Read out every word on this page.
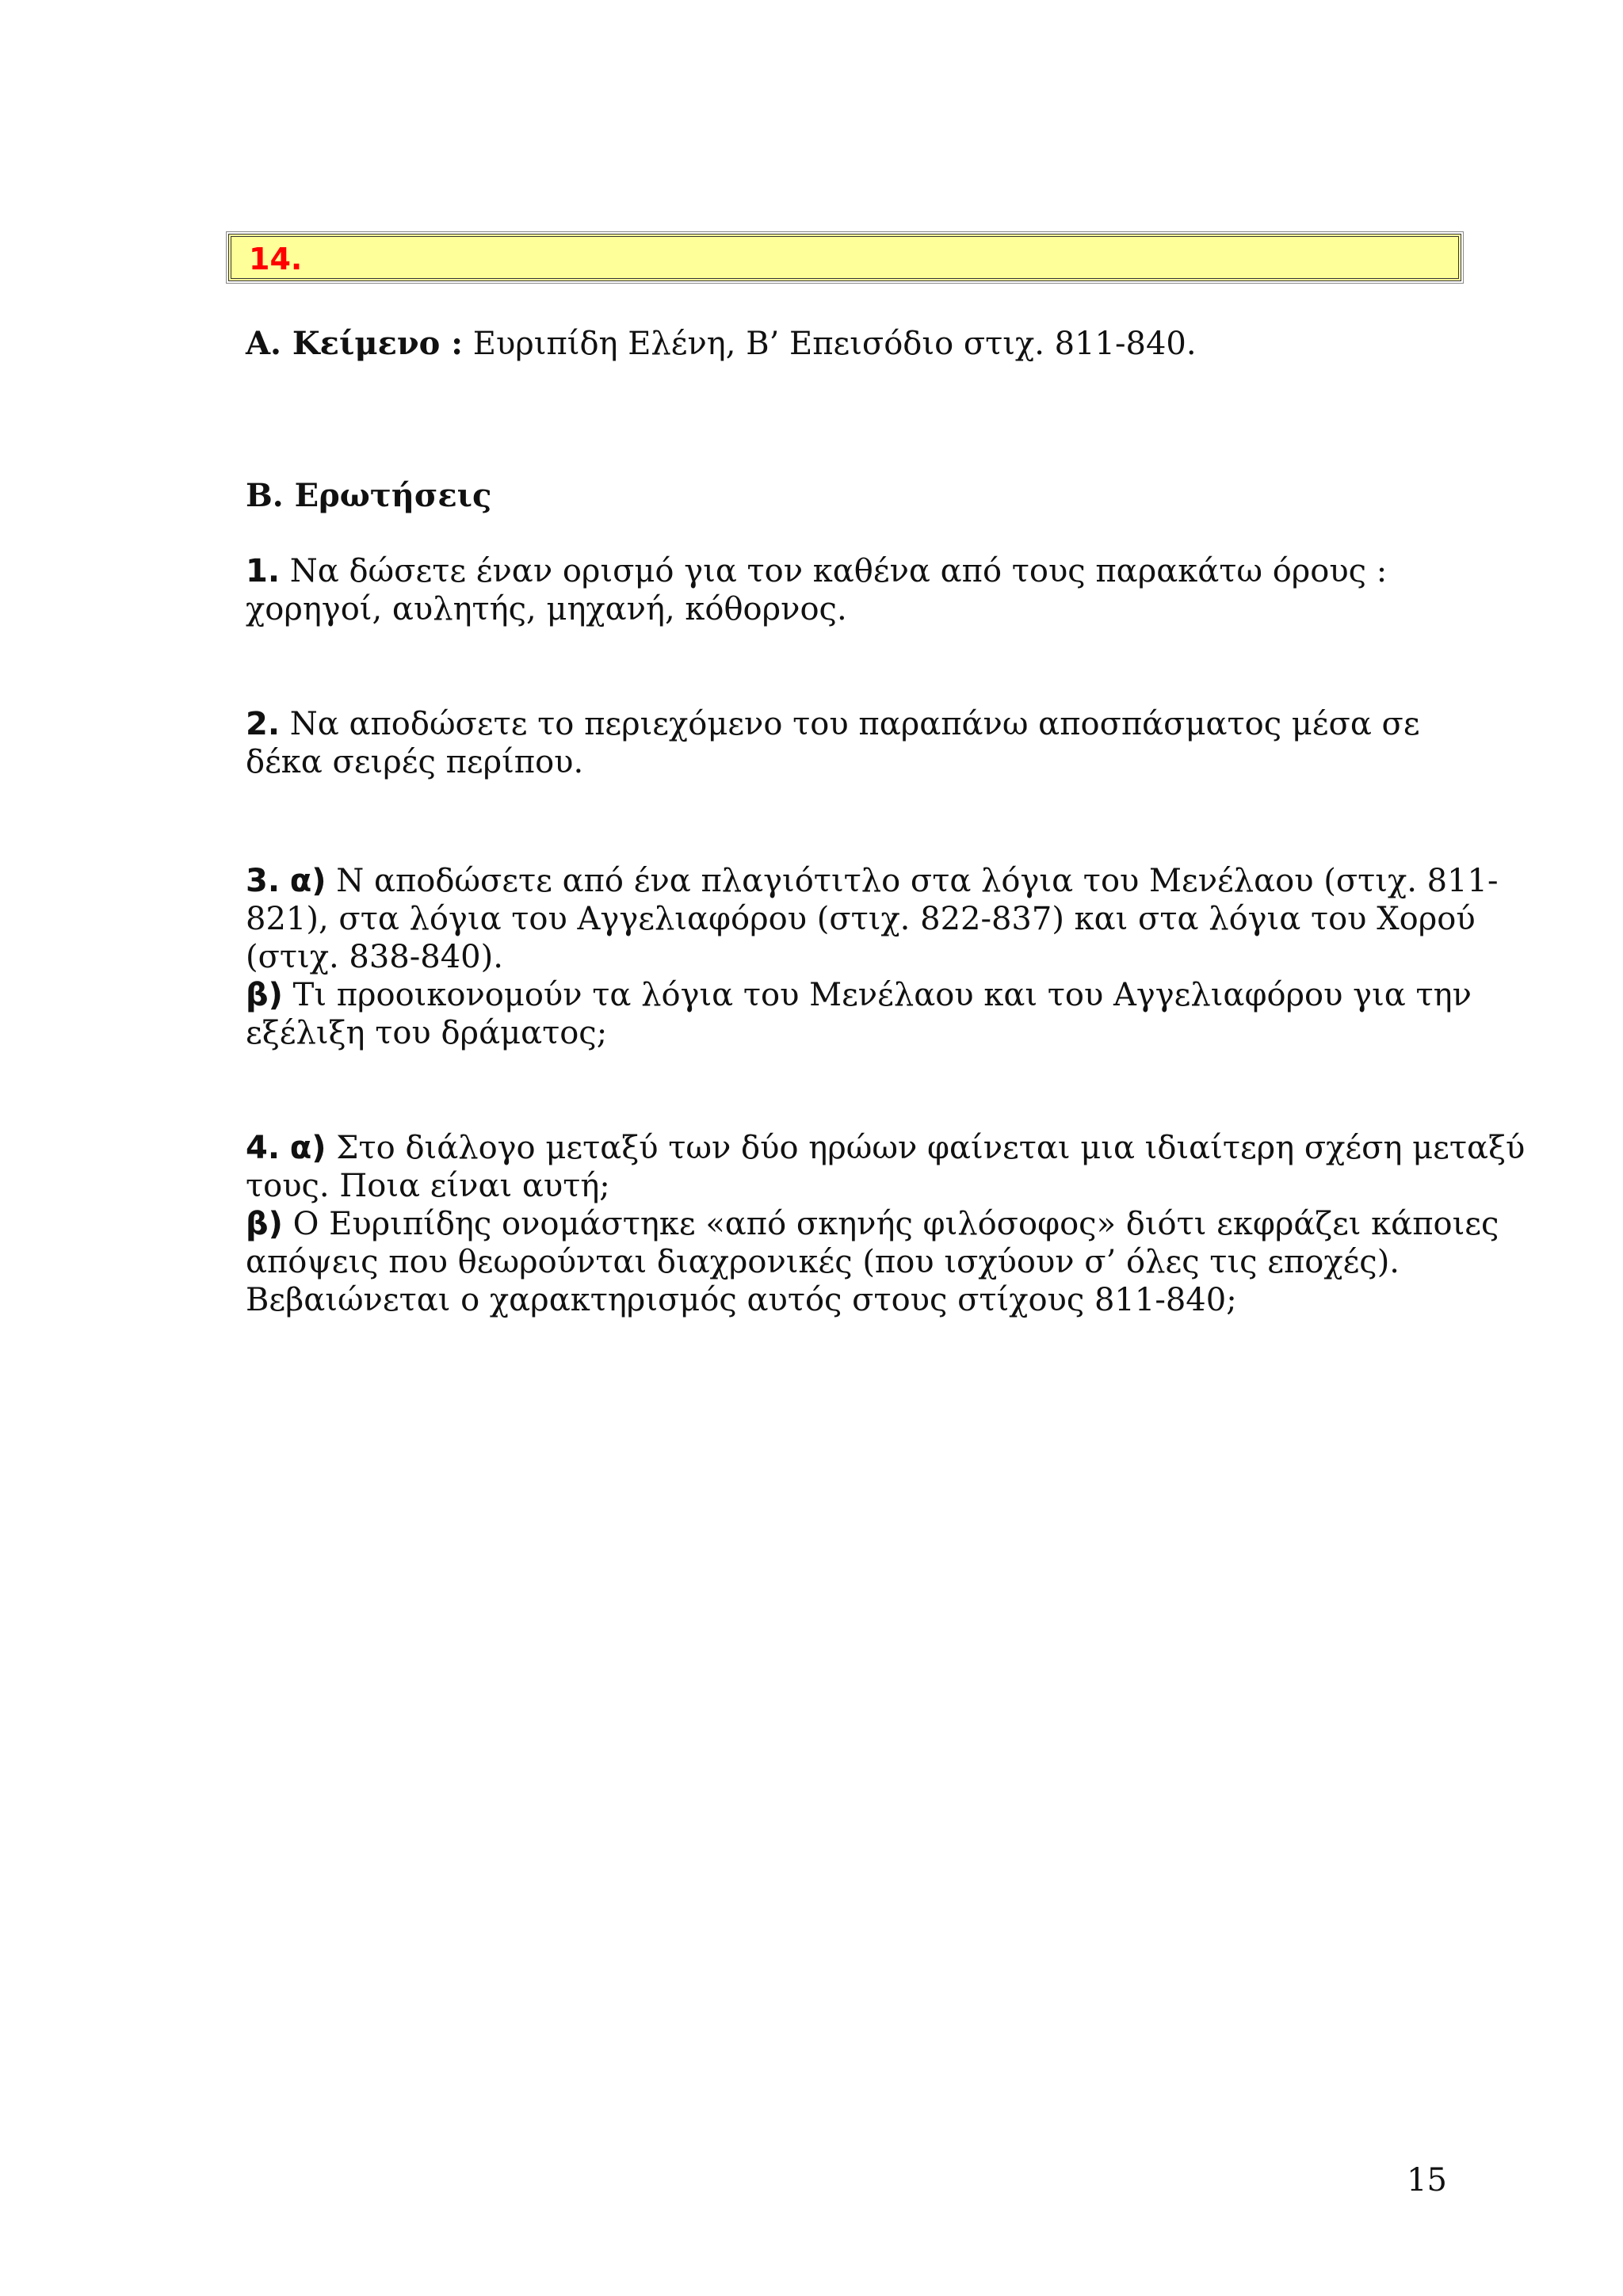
14.
Α. Κείμενο : Ευριπίδη Ελένη, Β’ Επεισόδιο στιχ. 811-840.
Β. Ερωτήσεις
1. Να δώσετε έναν ορισμό για τον καθένα από τους παρακάτω όρους :
χορηγοί, αυλητής, μηχανή, κόθορνος.
2. Να αποδώσετε το περιεχόμενο του παραπάνω αποσπάσματος μέσα σε
δέκα σειρές περίπου.
3. α) Ν αποδώσετε από ένα πλαγιότιτλο στα λόγια του Μενέλαου (στιχ. 811-
821), στα λόγια του Αγγελιαφόρου (στιχ. 822-837) και στα λόγια του Χορού
(στιχ. 838-840).
β) Τι προοικονομούν τα λόγια του Μενέλαου και του Αγγελιαφόρου για την
εξέλιξη του δράματος;
4. α) Στο διάλογο μεταξύ των δύο ηρώων φαίνεται μια ιδιαίτερη σχέση μεταξύ
τους. Ποια είναι αυτή;
β) Ο Ευριπίδης ονομάστηκε «από σκηνής φιλόσοφος» διότι εκφράζει κάποιες
απόψεις που θεωρούνται διαχρονικές (που ισχύουν σ’ όλες τις εποχές).
Βεβαιώνεται ο χαρακτηρισμός αυτός στους στίχους 811-840;
15
